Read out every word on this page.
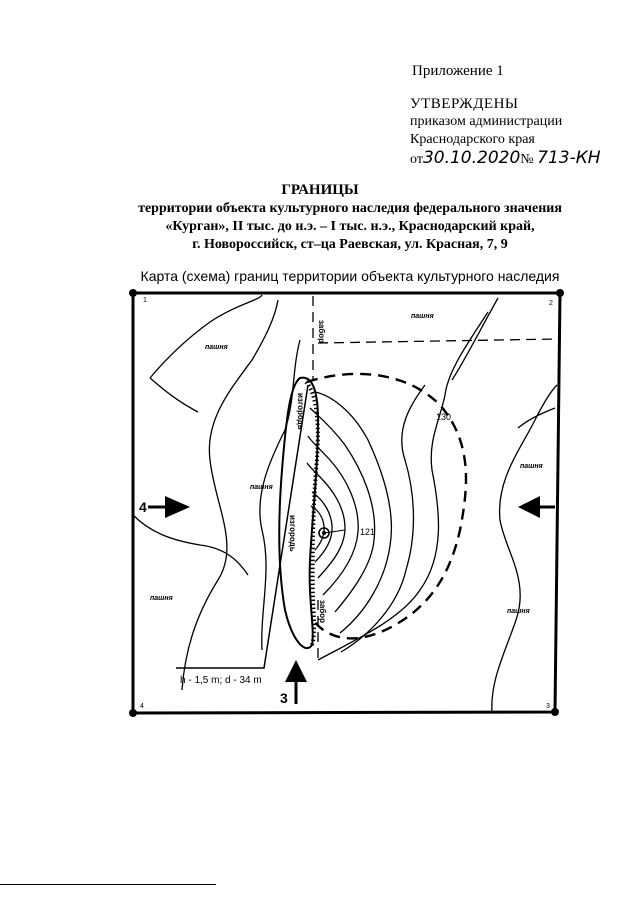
Приложение 1
УТВЕРЖДЕНЫ
приказом администрации
Краснодарского края
от30.10.2020№ 713-КН
ГРАНИЦЫ
территории объекта культурного наследия федерального значения
«Курган», II тыс. до н.э. – I тыс. н.э., Краснодарский край,
г. Новороссийск, ст–ца Раевская, ул. Красная, 7, 9
Карта (схема) границ территории объекта культурного наследия
1	2
3
4
130
121
пашня
пашня
пашня
пашня
пашня
пашня
забор
изгородь
изгородь
забор
h - 1,5 m; d - 34 m
4
3
